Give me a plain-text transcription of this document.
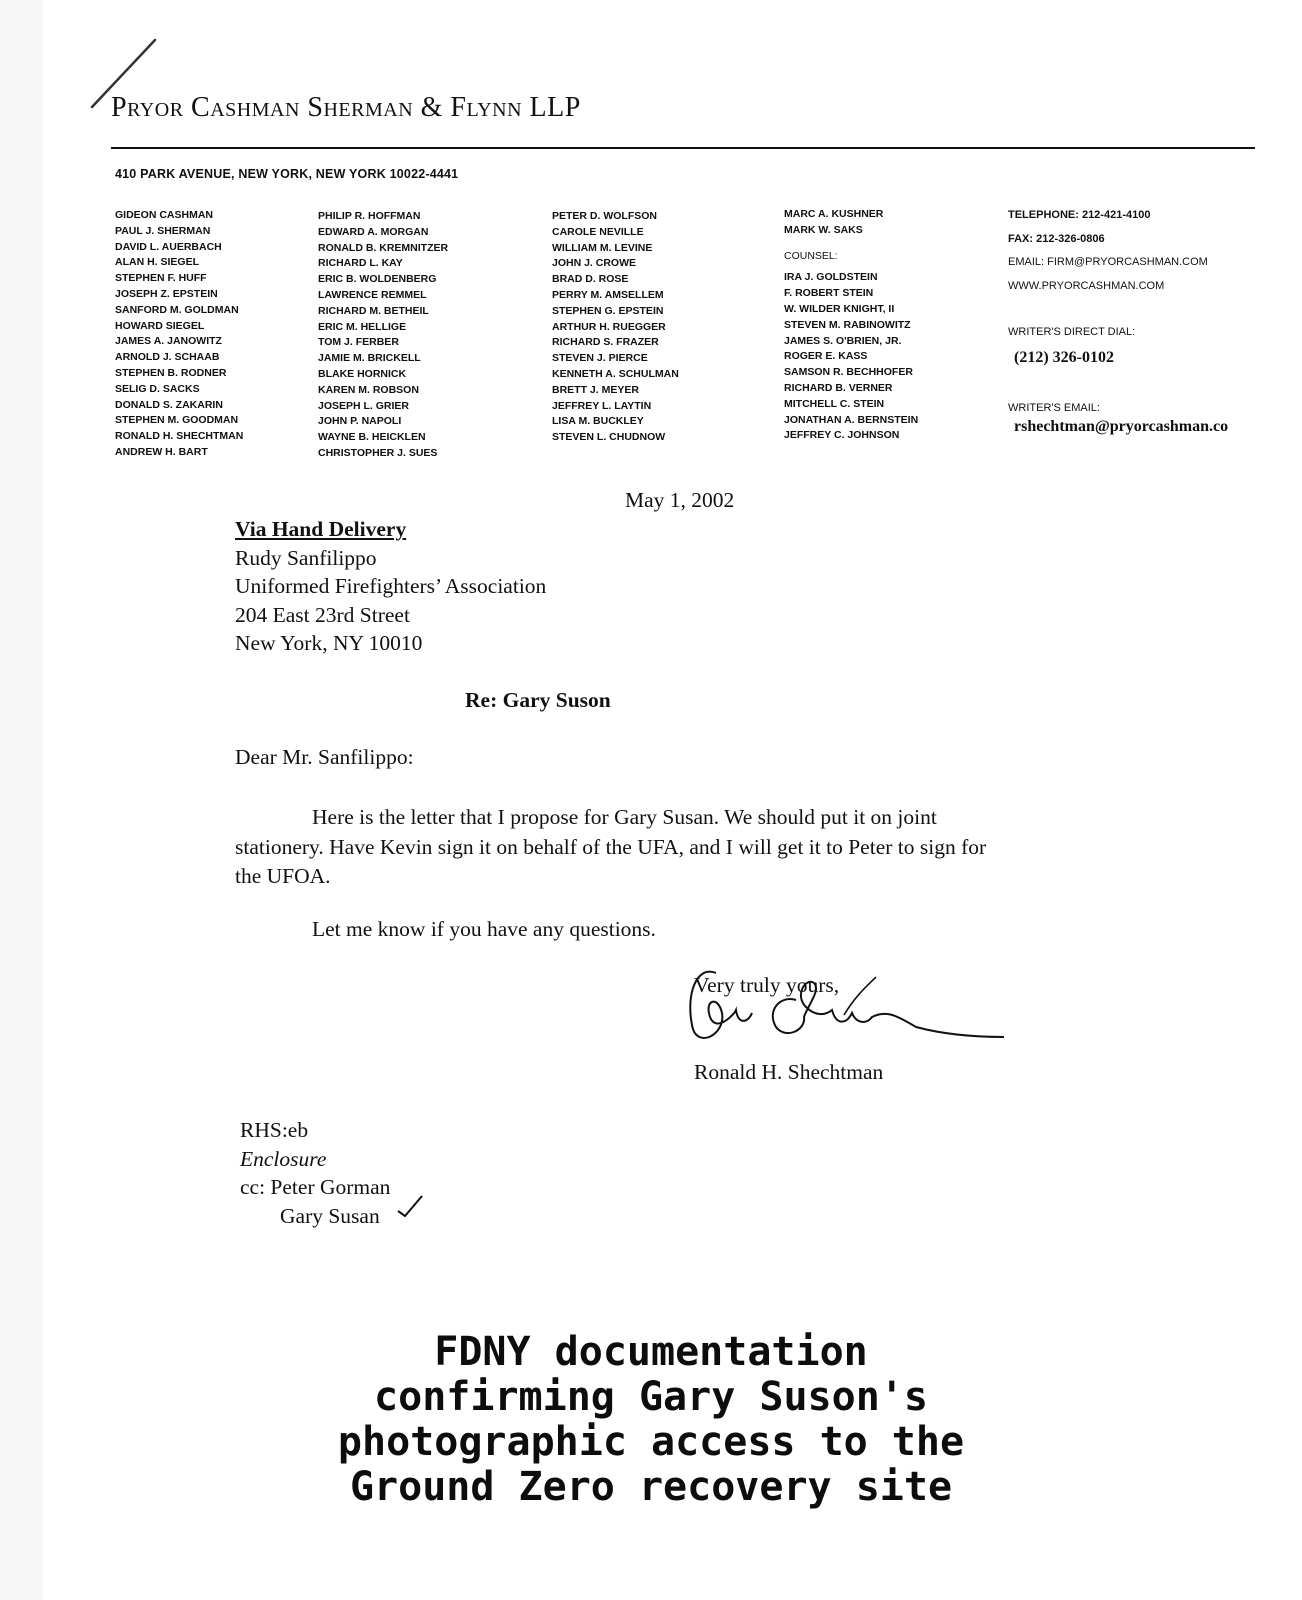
Pryor Cashman Sherman & Flynn LLP
410 PARK AVENUE, NEW YORK, NEW YORK 10022-4441
GIDEON CASHMAN
PAUL J. SHERMAN
DAVID L. AUERBACH
ALAN H. SIEGEL
STEPHEN F. HUFF
JOSEPH Z. EPSTEIN
SANFORD M. GOLDMAN
HOWARD SIEGEL
JAMES A. JANOWITZ
ARNOLD J. SCHAAB
STEPHEN B. RODNER
SELIG D. SACKS
DONALD S. ZAKARIN
STEPHEN M. GOODMAN
RONALD H. SHECHTMAN
ANDREW H. BART
PHILIP R. HOFFMAN
EDWARD A. MORGAN
RONALD B. KREMNITZER
RICHARD L. KAY
ERIC B. WOLDENBERG
LAWRENCE REMMEL
RICHARD M. BETHEIL
ERIC M. HELLIGE
TOM J. FERBER
JAMIE M. BRICKELL
BLAKE HORNICK
KAREN M. ROBSON
JOSEPH L. GRIER
JOHN P. NAPOLI
WAYNE B. HEICKLEN
CHRISTOPHER J. SUES
PETER D. WOLFSON
CAROLE NEVILLE
WILLIAM M. LEVINE
JOHN J. CROWE
BRAD D. ROSE
PERRY M. AMSELLEM
STEPHEN G. EPSTEIN
ARTHUR H. RUEGGER
RICHARD S. FRAZER
STEVEN J. PIERCE
KENNETH A. SCHULMAN
BRETT J. MEYER
JEFFREY L. LAYTIN
LISA M. BUCKLEY
STEVEN L. CHUDNOW
MARC A. KUSHNER
MARK W. SAKS
COUNSEL:
IRA J. GOLDSTEIN
F. ROBERT STEIN
W. WILDER KNIGHT, II
STEVEN M. RABINOWITZ
JAMES S. O'BRIEN, JR.
ROGER E. KASS
SAMSON R. BECHHOFER
RICHARD B. VERNER
MITCHELL C. STEIN
JONATHAN A. BERNSTEIN
JEFFREY C. JOHNSON
TELEPHONE: 212-421-4100
FAX: 212-326-0806
EMAIL: FIRM@PRYORCASHMAN.COM
WWW.PRYORCASHMAN.COM
WRITER'S DIRECT DIAL:
(212) 326-0102
WRITER'S EMAIL:
rshechtman@pryorcashman.co
May 1, 2002
Via Hand Delivery
Rudy Sanfilippo
Uniformed Firefighters’ Association
204 East 23rd Street
New York, NY 10010
Re: Gary Suson
Dear Mr. Sanfilippo:
Here is the letter that I propose for Gary Susan. We should put it on joint
stationery. Have Kevin sign it on behalf of the UFA, and I will get it to Peter to sign for
the UFOA.
Let me know if you have any questions.
Very truly yours,
Ronald H. Shechtman
RHS:eb
Enclosure
cc: Peter Gorman
Gary Susan
FDNY documentation
confirming Gary Suson's
photographic access to the
Ground Zero recovery site
